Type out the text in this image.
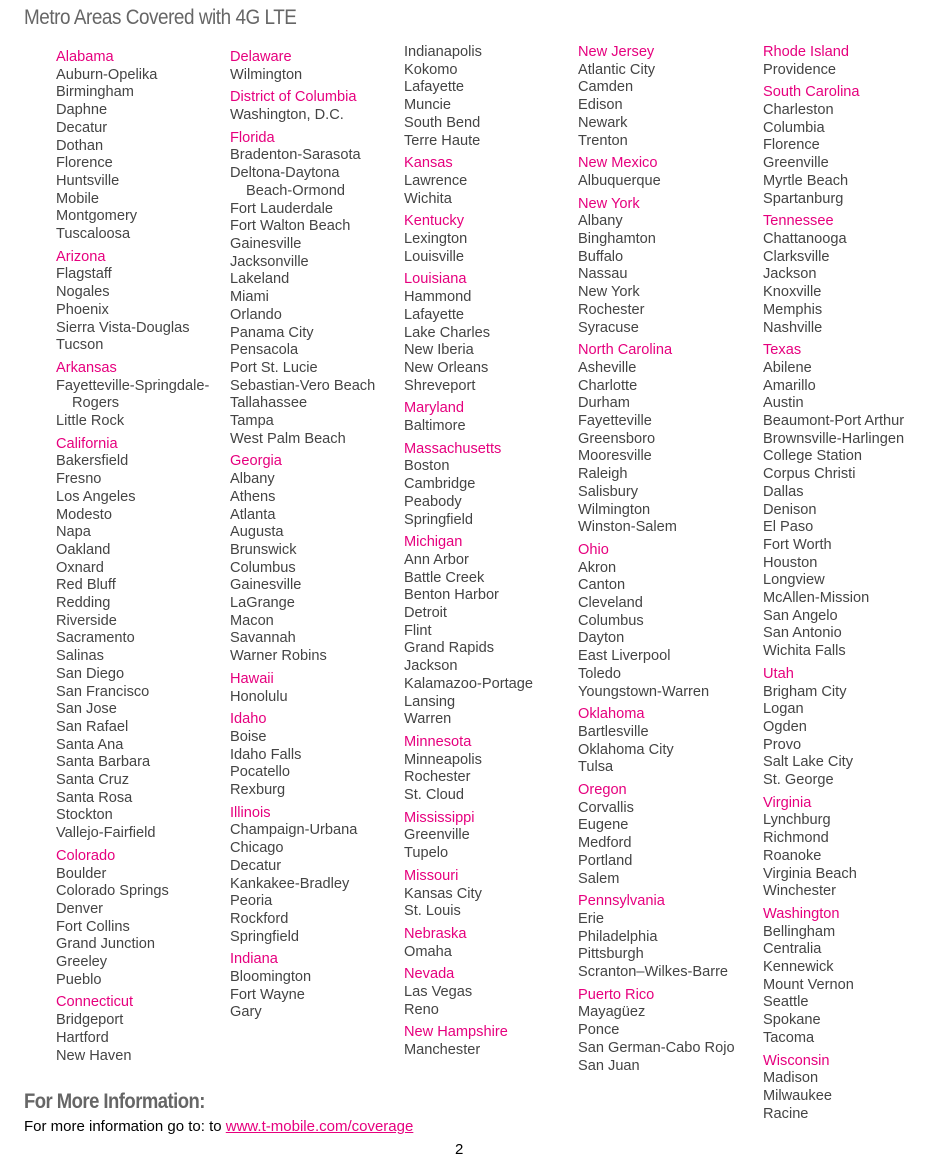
Metro Areas Covered with 4G LTE
Alabama
Auburn-Opelika
Birmingham
Daphne
Decatur
Dothan
Florence
Huntsville
Mobile
Montgomery
Tuscaloosa
Arizona
Flagstaff
Nogales
Phoenix
Sierra Vista-Douglas
Tucson
Arkansas
Fayetteville-Springdale-Rogers
Little Rock
California
Bakersfield
Fresno
Los Angeles
Modesto
Napa
Oakland
Oxnard
Red Bluff
Redding
Riverside
Sacramento
Salinas
San Diego
San Francisco
San Jose
San Rafael
Santa Ana
Santa Barbara
Santa Cruz
Santa Rosa
Stockton
Vallejo-Fairfield
Colorado
Boulder
Colorado Springs
Denver
Fort Collins
Grand Junction
Greeley
Pueblo
Connecticut
Bridgeport
Hartford
New Haven
Delaware
Wilmington
District of Columbia
Washington, D.C.
Florida
Bradenton-Sarasota
Deltona-Daytona Beach-Ormond
Fort Lauderdale
Fort Walton Beach
Gainesville
Jacksonville
Lakeland
Miami
Orlando
Panama City
Pensacola
Port St. Lucie
Sebastian-Vero Beach
Tallahassee
Tampa
West Palm Beach
Georgia
Albany
Athens
Atlanta
Augusta
Brunswick
Columbus
Gainesville
LaGrange
Macon
Savannah
Warner Robins
Hawaii
Honolulu
Idaho
Boise
Idaho Falls
Pocatello
Rexburg
Illinois
Champaign-Urbana
Chicago
Decatur
Kankakee-Bradley
Peoria
Rockford
Springfield
Indiana
Bloomington
Fort Wayne
Gary
Indianapolis
Kokomo
Lafayette
Muncie
South Bend
Terre Haute
Kansas
Lawrence
Wichita
Kentucky
Lexington
Louisville
Louisiana
Hammond
Lafayette
Lake Charles
New Iberia
New Orleans
Shreveport
Maryland
Baltimore
Massachusetts
Boston
Cambridge
Peabody
Springfield
Michigan
Ann Arbor
Battle Creek
Benton Harbor
Detroit
Flint
Grand Rapids
Jackson
Kalamazoo-Portage
Lansing
Warren
Minnesota
Minneapolis
Rochester
St. Cloud
Mississippi
Greenville
Tupelo
Missouri
Kansas City
St. Louis
Nebraska
Omaha
Nevada
Las Vegas
Reno
New Hampshire
Manchester
New Jersey
Atlantic City
Camden
Edison
Newark
Trenton
New Mexico
Albuquerque
New York
Albany
Binghamton
Buffalo
Nassau
New York
Rochester
Syracuse
North Carolina
Asheville
Charlotte
Durham
Fayetteville
Greensboro
Mooresville
Raleigh
Salisbury
Wilmington
Winston-Salem
Ohio
Akron
Canton
Cleveland
Columbus
Dayton
East Liverpool
Toledo
Youngstown-Warren
Oklahoma
Bartlesville
Oklahoma City
Tulsa
Oregon
Corvallis
Eugene
Medford
Portland
Salem
Pennsylvania
Erie
Philadelphia
Pittsburgh
Scranton–Wilkes-Barre
Puerto Rico
Mayagüez
Ponce
San German-Cabo Rojo
San Juan
Rhode Island
Providence
South Carolina
Charleston
Columbia
Florence
Greenville
Myrtle Beach
Spartanburg
Tennessee
Chattanooga
Clarksville
Jackson
Knoxville
Memphis
Nashville
Texas
Abilene
Amarillo
Austin
Beaumont-Port Arthur
Brownsville-Harlingen
College Station
Corpus Christi
Dallas
Denison
El Paso
Fort Worth
Houston
Longview
McAllen-Mission
San Angelo
San Antonio
Wichita Falls
Utah
Brigham City
Logan
Ogden
Provo
Salt Lake City
St. George
Virginia
Lynchburg
Richmond
Roanoke
Virginia Beach
Winchester
Washington
Bellingham
Centralia
Kennewick
Mount Vernon
Seattle
Spokane
Tacoma
Wisconsin
Madison
Milwaukee
Racine
For More Information:
For more information go to: to www.t-mobile.com/coverage
2
